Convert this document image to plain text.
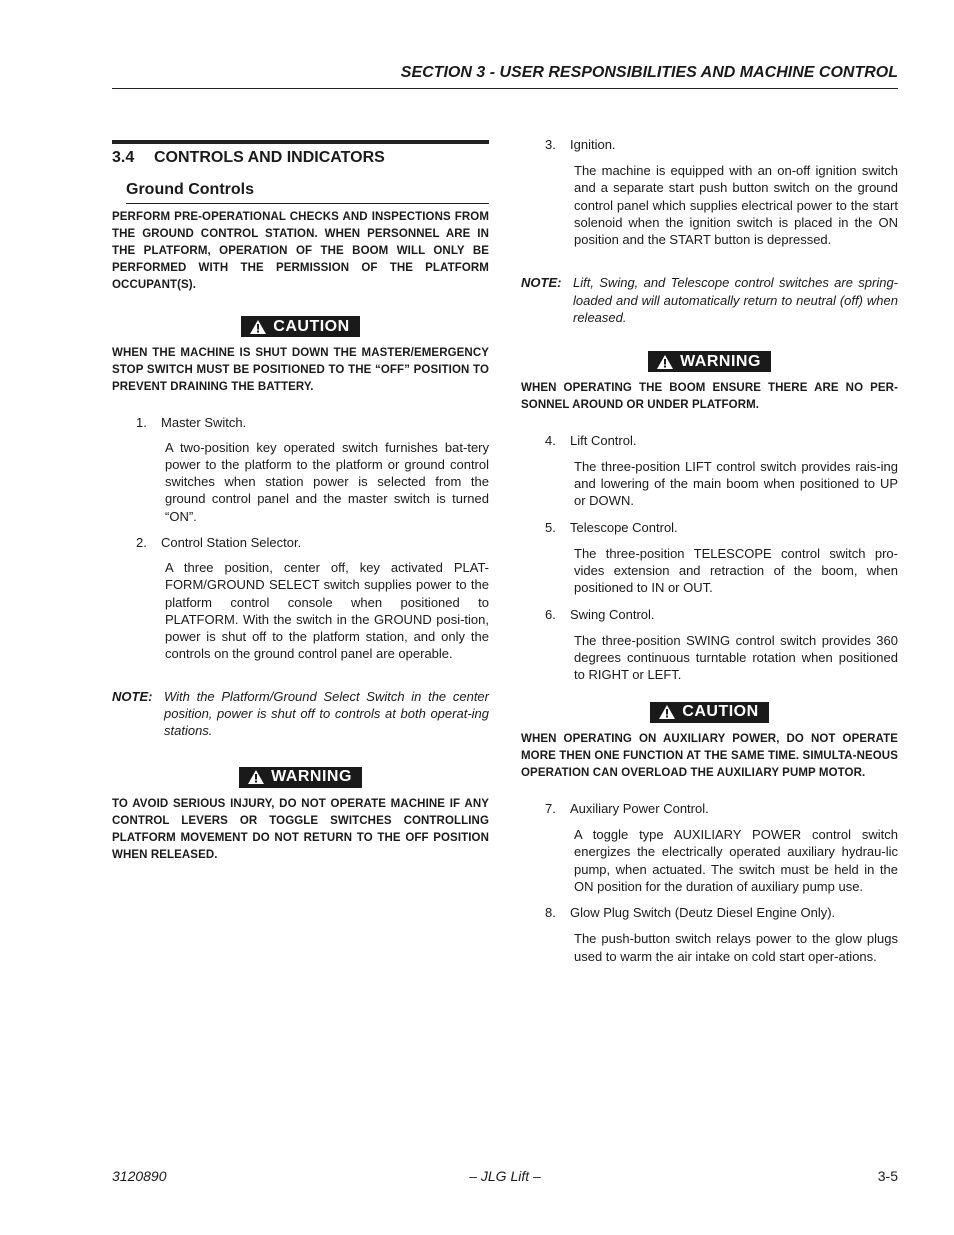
SECTION 3 - USER RESPONSIBILITIES AND MACHINE CONTROL
3.4 CONTROLS AND INDICATORS
Ground Controls
PERFORM PRE-OPERATIONAL CHECKS AND INSPECTIONS FROM THE GROUND CONTROL STATION. WHEN PERSONNEL ARE IN THE PLATFORM, OPERATION OF THE BOOM WILL ONLY BE PERFORMED WITH THE PERMISSION OF THE PLATFORM OCCUPANT(S).
CAUTION
WHEN THE MACHINE IS SHUT DOWN THE MASTER/EMERGENCY STOP SWITCH MUST BE POSITIONED TO THE “OFF” POSITION TO PREVENT DRAINING THE BATTERY.
1. Master Switch.
A two-position key operated switch furnishes bat-tery power to the platform to the platform or ground control switches when station power is selected from the ground control panel and the master switch is turned “ON”.
2. Control Station Selector.
A three position, center off, key activated PLAT-FORM/GROUND SELECT switch supplies power to the platform control console when positioned to PLATFORM. With the switch in the GROUND posi-tion, power is shut off to the platform station, and only the controls on the ground control panel are operable.
NOTE: With the Platform/Ground Select Switch in the center position, power is shut off to controls at both operat-ing stations.
WARNING
TO AVOID SERIOUS INJURY, DO NOT OPERATE MACHINE IF ANY CONTROL LEVERS OR TOGGLE SWITCHES CONTROLLING PLATFORM MOVEMENT DO NOT RETURN TO THE OFF POSITION WHEN RELEASED.
3. Ignition.
The machine is equipped with an on-off ignition switch and a separate start push button switch on the ground control panel which supplies electrical power to the start solenoid when the ignition switch is placed in the ON position and the START button is depressed.
NOTE: Lift, Swing, and Telescope control switches are spring-loaded and will automatically return to neutral (off) when released.
WARNING
WHEN OPERATING THE BOOM ENSURE THERE ARE NO PER-SONNEL AROUND OR UNDER PLATFORM.
4. Lift Control.
The three-position LIFT control switch provides rais-ing and lowering of the main boom when positioned to UP or DOWN.
5. Telescope Control.
The three-position TELESCOPE control switch pro-vides extension and retraction of the boom, when positioned to IN or OUT.
6. Swing Control.
The three-position SWING control switch provides 360 degrees continuous turntable rotation when positioned to RIGHT or LEFT.
CAUTION
WHEN OPERATING ON AUXILIARY POWER, DO NOT OPERATE MORE THEN ONE FUNCTION AT THE SAME TIME. SIMULTA-NEOUS OPERATION CAN OVERLOAD THE AUXILIARY PUMP MOTOR.
7. Auxiliary Power Control.
A toggle type AUXILIARY POWER control switch energizes the electrically operated auxiliary hydrau-lic pump, when actuated. The switch must be held in the ON position for the duration of auxiliary pump use.
8. Glow Plug Switch (Deutz Diesel Engine Only).
The push-button switch relays power to the glow plugs used to warm the air intake on cold start oper-ations.
3120890	– JLG Lift –	3-5
